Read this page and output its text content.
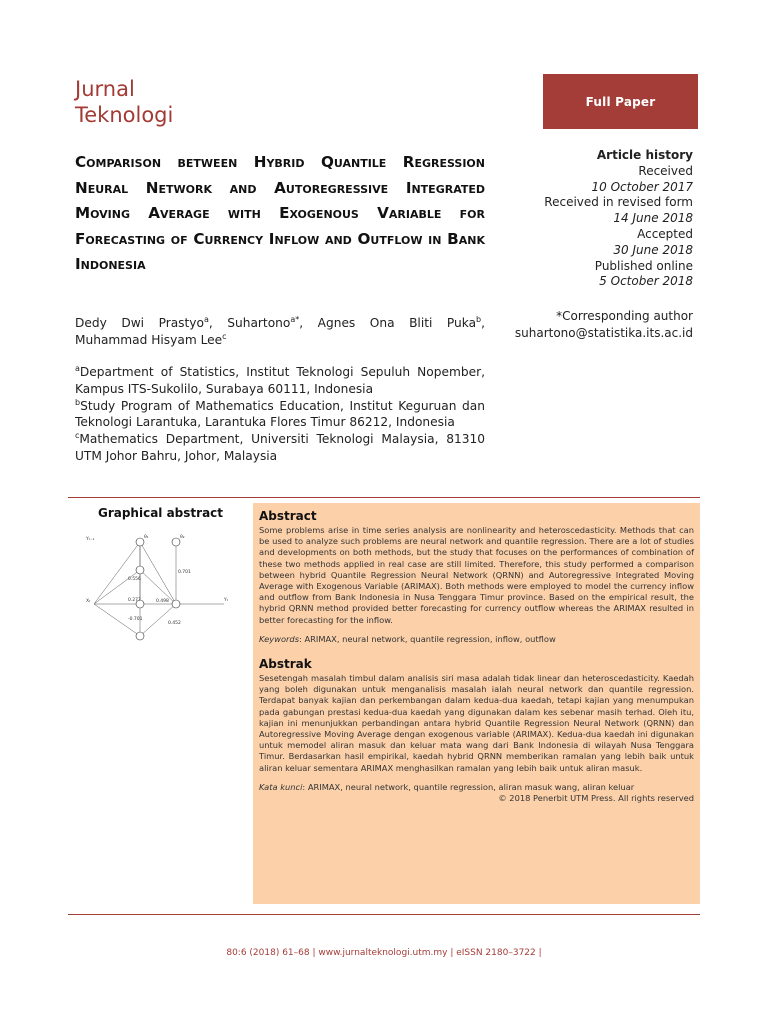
Jurnal
Teknologi
Full Paper
Comparison between Hybrid Quantile Regression Neural Network and Autoregressive Integrated Moving Average with Exogenous Variable for Forecasting of Currency Inflow and Outflow in Bank Indonesia
Article history
Received
10 October 2017
Received in revised form
14 June 2018
Accepted
30 June 2018
Published online
5 October 2018
*Corresponding author
suhartono@statistika.its.ac.id
Dedy Dwi Prastyo$^a$, Suhartono$^{a*}$, Agnes Ona Bliti Puka$^b$, Muhammad Hisyam Lee$^c$

$^a$Department of Statistics, Institut Teknologi Sepuluh Nopember, Kampus ITS-Sukolilo, Surabaya 60111, Indonesia

$^b$Study Program of Mathematics Education, Institut Keguruan dan Teknologi Larantuka, Larantuka Flores Timur 86212, Indonesia

$^c$Mathematics Department, Universiti Teknologi Malaysia, 81310 UTM Johor Bahru, Johor, Malaysia

Graphical abstract
Yₜ₋₁
Xₜ
θ₁	θ₂
0.556
0.277	0.498
0.701
-0.701
0.452
Yₜ
Abstract

Some problems arise in time series analysis are nonlinearity and heteroscedasticity. Methods that can be used to analyze such problems are neural network and quantile regression. There are a lot of studies and developments on both methods, but the study that focuses on the performances of combination of these two methods applied in real case are still limited. Therefore, this study performed a comparison between hybrid Quantile Regression Neural Network (QRNN) and Autoregressive Integrated Moving Average with Exogenous Variable (ARIMAX). Both methods were employed to model the currency inflow and outflow from Bank Indonesia in Nusa Tenggara Timur province. Based on the empirical result, the hybrid QRNN method provided better forecasting for currency outflow whereas the ARIMAX resulted in better forecasting for the inflow.

Keywords: ARIMAX, neural network, quantile regression, inflow, outflow

Abstrak

Sesetengah masalah timbul dalam analisis siri masa adalah tidak linear dan heteroscedasticity. Kaedah yang boleh digunakan untuk menganalisis masalah ialah neural network dan quantile regression. Terdapat banyak kajian dan perkembangan dalam kedua-dua kaedah, tetapi kajian yang menumpukan pada gabungan prestasi kedua-dua kaedah yang digunakan dalam kes sebenar masih terhad. Oleh itu, kajian ini menunjukkan perbandingan antara hybrid Quantile Regression Neural Network (QRNN) dan Autoregressive Moving Average dengan exogenous variable (ARIMAX). Kedua-dua kaedah ini digunakan untuk memodel aliran masuk dan keluar mata wang dari Bank Indonesia di wilayah Nusa Tenggara Timur. Berdasarkan hasil empirikal, kaedah hybrid QRNN memberikan ramalan yang lebih baik untuk aliran keluar sementara ARIMAX menghasilkan ramalan yang lebih baik untuk aliran masuk.

Kata kunci: ARIMAX, neural network, quantile regression, aliran masuk wang, aliran keluar

© 2018 Penerbit UTM Press. All rights reserved

80:6 (2018) 61–68 | www.jurnalteknologi.utm.my | eISSN 2180–3722 |
